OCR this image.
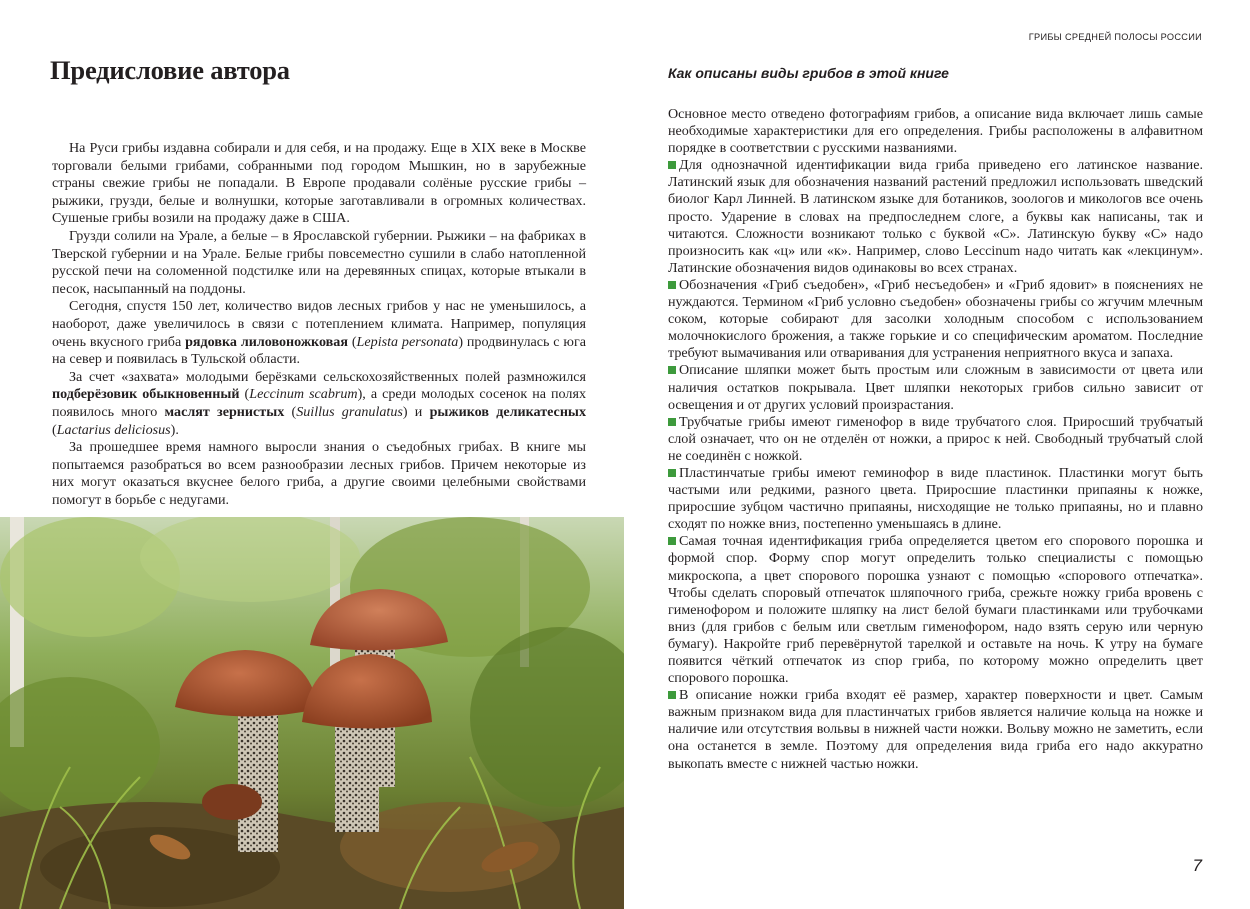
Предисловие автора

На Руси грибы издавна собирали и для себя, и на продажу. Еще в XIX веке в Москве торговали белыми грибами, собранными под городом Мышкин, но в зарубежные страны свежие грибы не попадали. В Европе продавали солёные русские грибы – рыжики, грузди, белые и волнушки, которые заготавливали в огромных количествах. Сушеные грибы возили на продажу даже в США.

Грузди солили на Урале, а белые – в Ярославской губернии. Рыжики – на фабриках в Тверской губернии и на Урале. Белые грибы повсеместно сушили в слабо натопленной русской печи на соломенной подстилке или на деревянных спицах, которые втыкали в песок, насыпанный на поддоны.

Сегодня, спустя 150 лет, количество видов лесных грибов у нас не уменьшилось, а наоборот, даже увеличилось в связи с потеплением климата. Например, популяция очень вкусного гриба рядовка лиловоножковая (Lepista personata) продвинулась с юга на север и появилась в Тульской области.

За счет «захвата» молодыми берёзками сельскохозяйственных полей размножился подберёзовик обыкновенный (Leccinum scabrum), а среди молодых сосенок на полях появилось много маслят зернистых (Suillus granulatus) и рыжиков деликатесных (Lactarius deliciosus).

За прошедшее время намного выросли знания о съедобных грибах. В книге мы попытаемся разобраться во всем разнообразии лесных грибов. Причем некоторые из них могут оказаться вкуснее белого гриба, а другие своими целебными свойствами помогут в борьбе с недугами.

ГРИБЫ СРЕДНЕЙ ПОЛОСЫ РОССИИ
Как описаны виды грибов в этой книге

Основное место отведено фотографиям грибов, а описание вида включает лишь самые необходимые характеристики для его определения. Грибы расположены в алфавитном порядке в соответствии с русскими названиями.

Для однозначной идентификации вида гриба приведено его латинское название. Латинский язык для обозначения названий растений предложил использовать шведский биолог Карл Линней. В латинском языке для ботаников, зоологов и микологов все очень просто. Ударение в словах на предпоследнем слоге, а буквы как написаны, так и читаются. Сложности возникают только с буквой «C». Латинскую букву «C» надо произносить как «ц» или «к». Например, слово Leccinum надо читать как «лекцинум». Латинские обозначения видов одинаковы во всех странах.

Обозначения «Гриб съедобен», «Гриб несъедобен» и «Гриб ядовит» в пояснениях не нуждаются. Термином «Гриб условно съедобен» обозначены грибы со жгучим млечным соком, которые собирают для засолки холодным способом с использованием молочнокислого брожения, а также горькие и со специфическим ароматом. Последние требуют вымачивания или отваривания для устранения неприятного вкуса и запаха.

Описание шляпки может быть простым или сложным в зависимости от цвета или наличия остатков покрывала. Цвет шляпки некоторых грибов сильно зависит от освещения и от других условий произрастания.

Трубчатые грибы имеют гименофор в виде трубчатого слоя. Приросший трубчатый слой означает, что он не отделён от ножки, а прирос к ней. Свободный трубчатый слой не соединён с ножкой.

Пластинчатые грибы имеют геминофор в виде пластинок. Пластинки могут быть частыми или редкими, разного цвета. Приросшие пластинки припаяны к ножке, приросшие зубцом частично припаяны, нисходящие не только припаяны, но и плавно сходят по ножке вниз, постепенно уменьшаясь в длине.

Самая точная идентификация гриба определяется цветом его спорового порошка и формой спор. Форму спор могут определить только специалисты с помощью микроскопа, а цвет спорового порошка узнают с помощью «спорового отпечатка». Чтобы сделать споровый отпечаток шляпочного гриба, срежьте ножку гриба вровень с гименофором и положите шляпку на лист белой бумаги пластинками или трубочками вниз (для грибов с белым или светлым гименофором, надо взять серую или черную бумагу). Накройте гриб перевёрнутой тарелкой и оставьте на ночь. К утру на бумаге появится чёткий отпечаток из спор гриба, по которому можно определить цвет спорового порошка.

В описание ножки гриба входят её размер, характер поверхности и цвет. Самым важным признаком вида для пластинчатых грибов является наличие кольца на ножке и наличие или отсутствия вольвы в нижней части ножки. Вольву можно не заметить, если она останется в земле. Поэтому для определения вида гриба его надо аккуратно выкопать вместе с нижней частью ножки.

7
